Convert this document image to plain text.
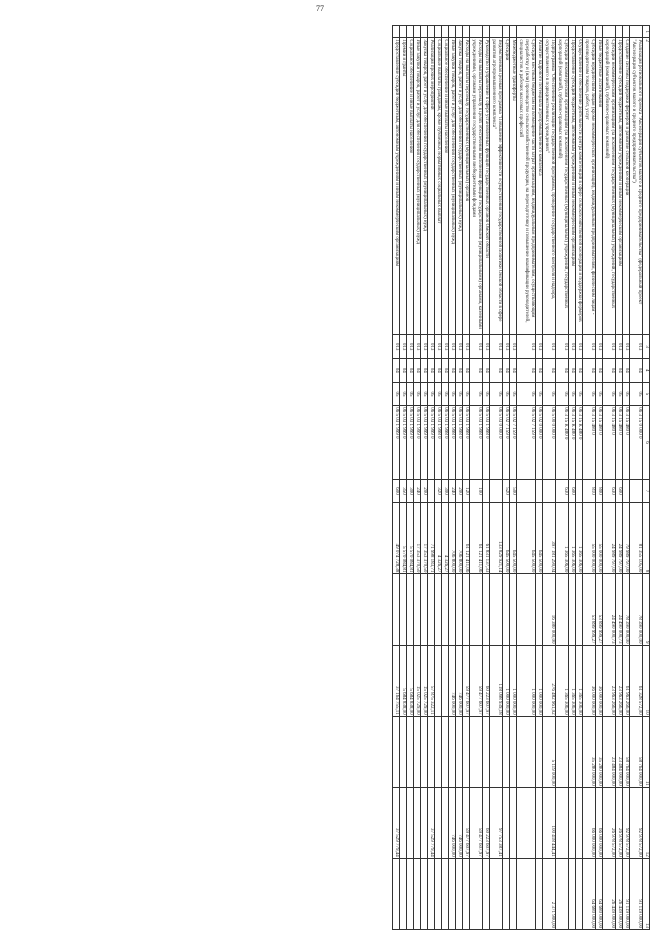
77
1	2	3	4	5	6	7	8	9	10	11	12	13
	Реализация регионального проекта "Акселерация субъектов малого и среднего предпринимательства" (федеральный проект "Акселерация субъектов малого и среднего предпринимательства")	013	04	05	06 3 15 0 000 0		81 355 105,00	78 390 000,00	61 328 572,00	58 764 000,00	92 978 572,00	91 119 000,00
	Создание системы поддержки фермеров и развитие сельской кооперации	013	04	05	06 3 15 480 0		79 989 797,00	78 390 000,00	61 963 266,00	58 764 000,00	92 978 572,00	91 119 000,00
	Предоставление субсидий бюджетным, автономным учреждениям и иным некоммерческим организациям	013	04	05	06 3 15 480 0	600	24 989 797,00	24 490 000,73	23 963 266,00	23 484 000,00	26 978 572,00	26 439 000,00
	Субсидии некоммерческим организациям (за исключением государственных (муниципальных) учреждений, государственных корпораций (компаний), публично-правовых компаний)	013	04	05	06 3 15 480 0	630	24 989 797,00	24 490 000,73	23 963 266,00	23 484 000,00	26 978 572,00	26 439 000,00
	Иные бюджетные ассигнования	013	04	05	06 3 15 480 0	800	55 000 000,00	53 899 999,27	36 000 000,00	35 280 000,00	66 000 000,00	64 680 000,00
	Субсидии юридическим лицам (кроме некоммерческих организаций), индивидуальным предпринимателям, физическим лицам - производителям товаров, работ, услуг	013	04	05	06 3 15 480 0	810	55 000 000,00	53 899 999,27	36 000 000,00	35 280 000,00	66 000 000,00	64 680 000,00
	Осуществление и обеспечение деятельности центра компетенций в сфере сельскохозяйственной кооперации и поддержки фермеров	013	04	05	06 3 15 К 480 0		1 365 306,00		1 365 306,00			
	Предоставление субсидий бюджетным, автономным учреждениям и иным некоммерческим организациям	013	04	05	06 3 15 К 480 0	600	1 365 306,00		1 365 306,00			
	Субсидии некоммерческим организациям (за исключением государственных (муниципальных) учреждений, государственных корпораций (компаний), публично-правовых компаний)	013	04	05	06 3 15 К 480 0	630	1 365 306,00		1 365 306,00			
	Подпрограмма "Обеспечение реализации государственной программы, проведение государственного контроля и надзора, осуществляемого в подведомственных учреждениях"	013	04	05	06 5 00 0 000 0		397 181 290,04	16 380 000,00	276 482 961,02	5 119 000,00	100 418 444,41	2 371 900,00
	Развитие кадрового потенциала агропромышленного комплекса	013	04	05	06 5 02 0 000 0		645 500,00		1 000 000,00			
	Субсидии местным бюджетам на возмещение части затрат организациям, индивидуальным предпринимателям, осуществляющим переработку и (или) производство сельскохозяйственной продукции, на переподготовку и повышение квалификации руководителей, специалистов и рабочих массовых профессий	013	04	05	06 5 02 7 159 0		645 500,00		1 000 000,00			
	Межбюджетные трансферты	013	04	05	06 5 02 7 159 0	500	645 500,00		1 000 000,00			
	Субсидии	013	04	05	06 5 02 7 159 0	520	645 500,00		1 000 000,00			
	Ведомственная целевая программа "Повышение эффективности осуществления государственной политики Омской области в сфере развития агропромышленного комплекса"	013	04	05	06 5 03 0 000 0		133 829 921,14		118 098 939,18		97 753 387,41	
	Руководство и управление в сфере установленных функций государственных органов Омской области	013	04	05	06 5 03 1 998 0		61 831 137,33		60 223 607,97		60 223 607,97	
	Расходы на выплаты персоналу в целях обеспечения выполнения функций государственными (муниципальными) органами, казенными учреждениями, органами управления государственными внебюджетными фондами	013	04	05	06 5 03 1 998 0	100	61 121 411,06		59 477 607,97		59 477 607,97	
	Расходы на выплаты персоналу государственных (муниципальных) органов	013	04	05	06 5 03 1 998 0	120	61 121 411,06		59 477 607,97		59 477 607,97	
	Закупка товаров, работ и услуг для обеспечения государственных (муниципальных) нужд	013	04	05	06 5 03 1 998 0	200	706 800,00		746 000,00		746 000,00	
	Иные закупки товаров, работ и услуг для обеспечения государственных (муниципальных) нужд	013	04	05	06 5 03 1 998 0	240	706 800,00		746 000,00		746 000,00	
	Социальное обеспечение и иные выплаты населению	013	04	05	06 5 03 1 998 0	300	4 326,27					
	Социальные выплаты гражданам, кроме публичных нормативных социальных выплат	013	04	05	06 5 03 1 998 0	320	4 326,27					
	Реализация прочих мероприятий	013	04	05	06 5 03 1 999 0		71 998 183,71		57 875 322,11		37 529 779,44	
	Закупка товаров, работ и услуг для обеспечения государственных (муниципальных) нужд	013	04	05	06 5 03 1 999 0	200	17 353 370,50		15 025 729,00			
	Иные закупки товаров, работ и услуг для обеспечения государственных (муниципальных) нужд	013	04	05	06 5 03 1 999 0	240	17 353 370,50		15 025 729,00			
	Социальное обеспечение и иные выплаты населению	013	04	05	06 5 03 1 999 0	300	5 570 084,81		5 684 838,00			
	Премии и гранты	013	04	05	06 5 03 1 999 0	350	5 570 084,81		5 684 838,00			
	Предоставление субсидий бюджетным, автономным учреждениям и иным некоммерческим организациям	013	04	05	06 5 03 1 999 0	600	49 074 728,38		37 164 755,11		37 529 779,44	
